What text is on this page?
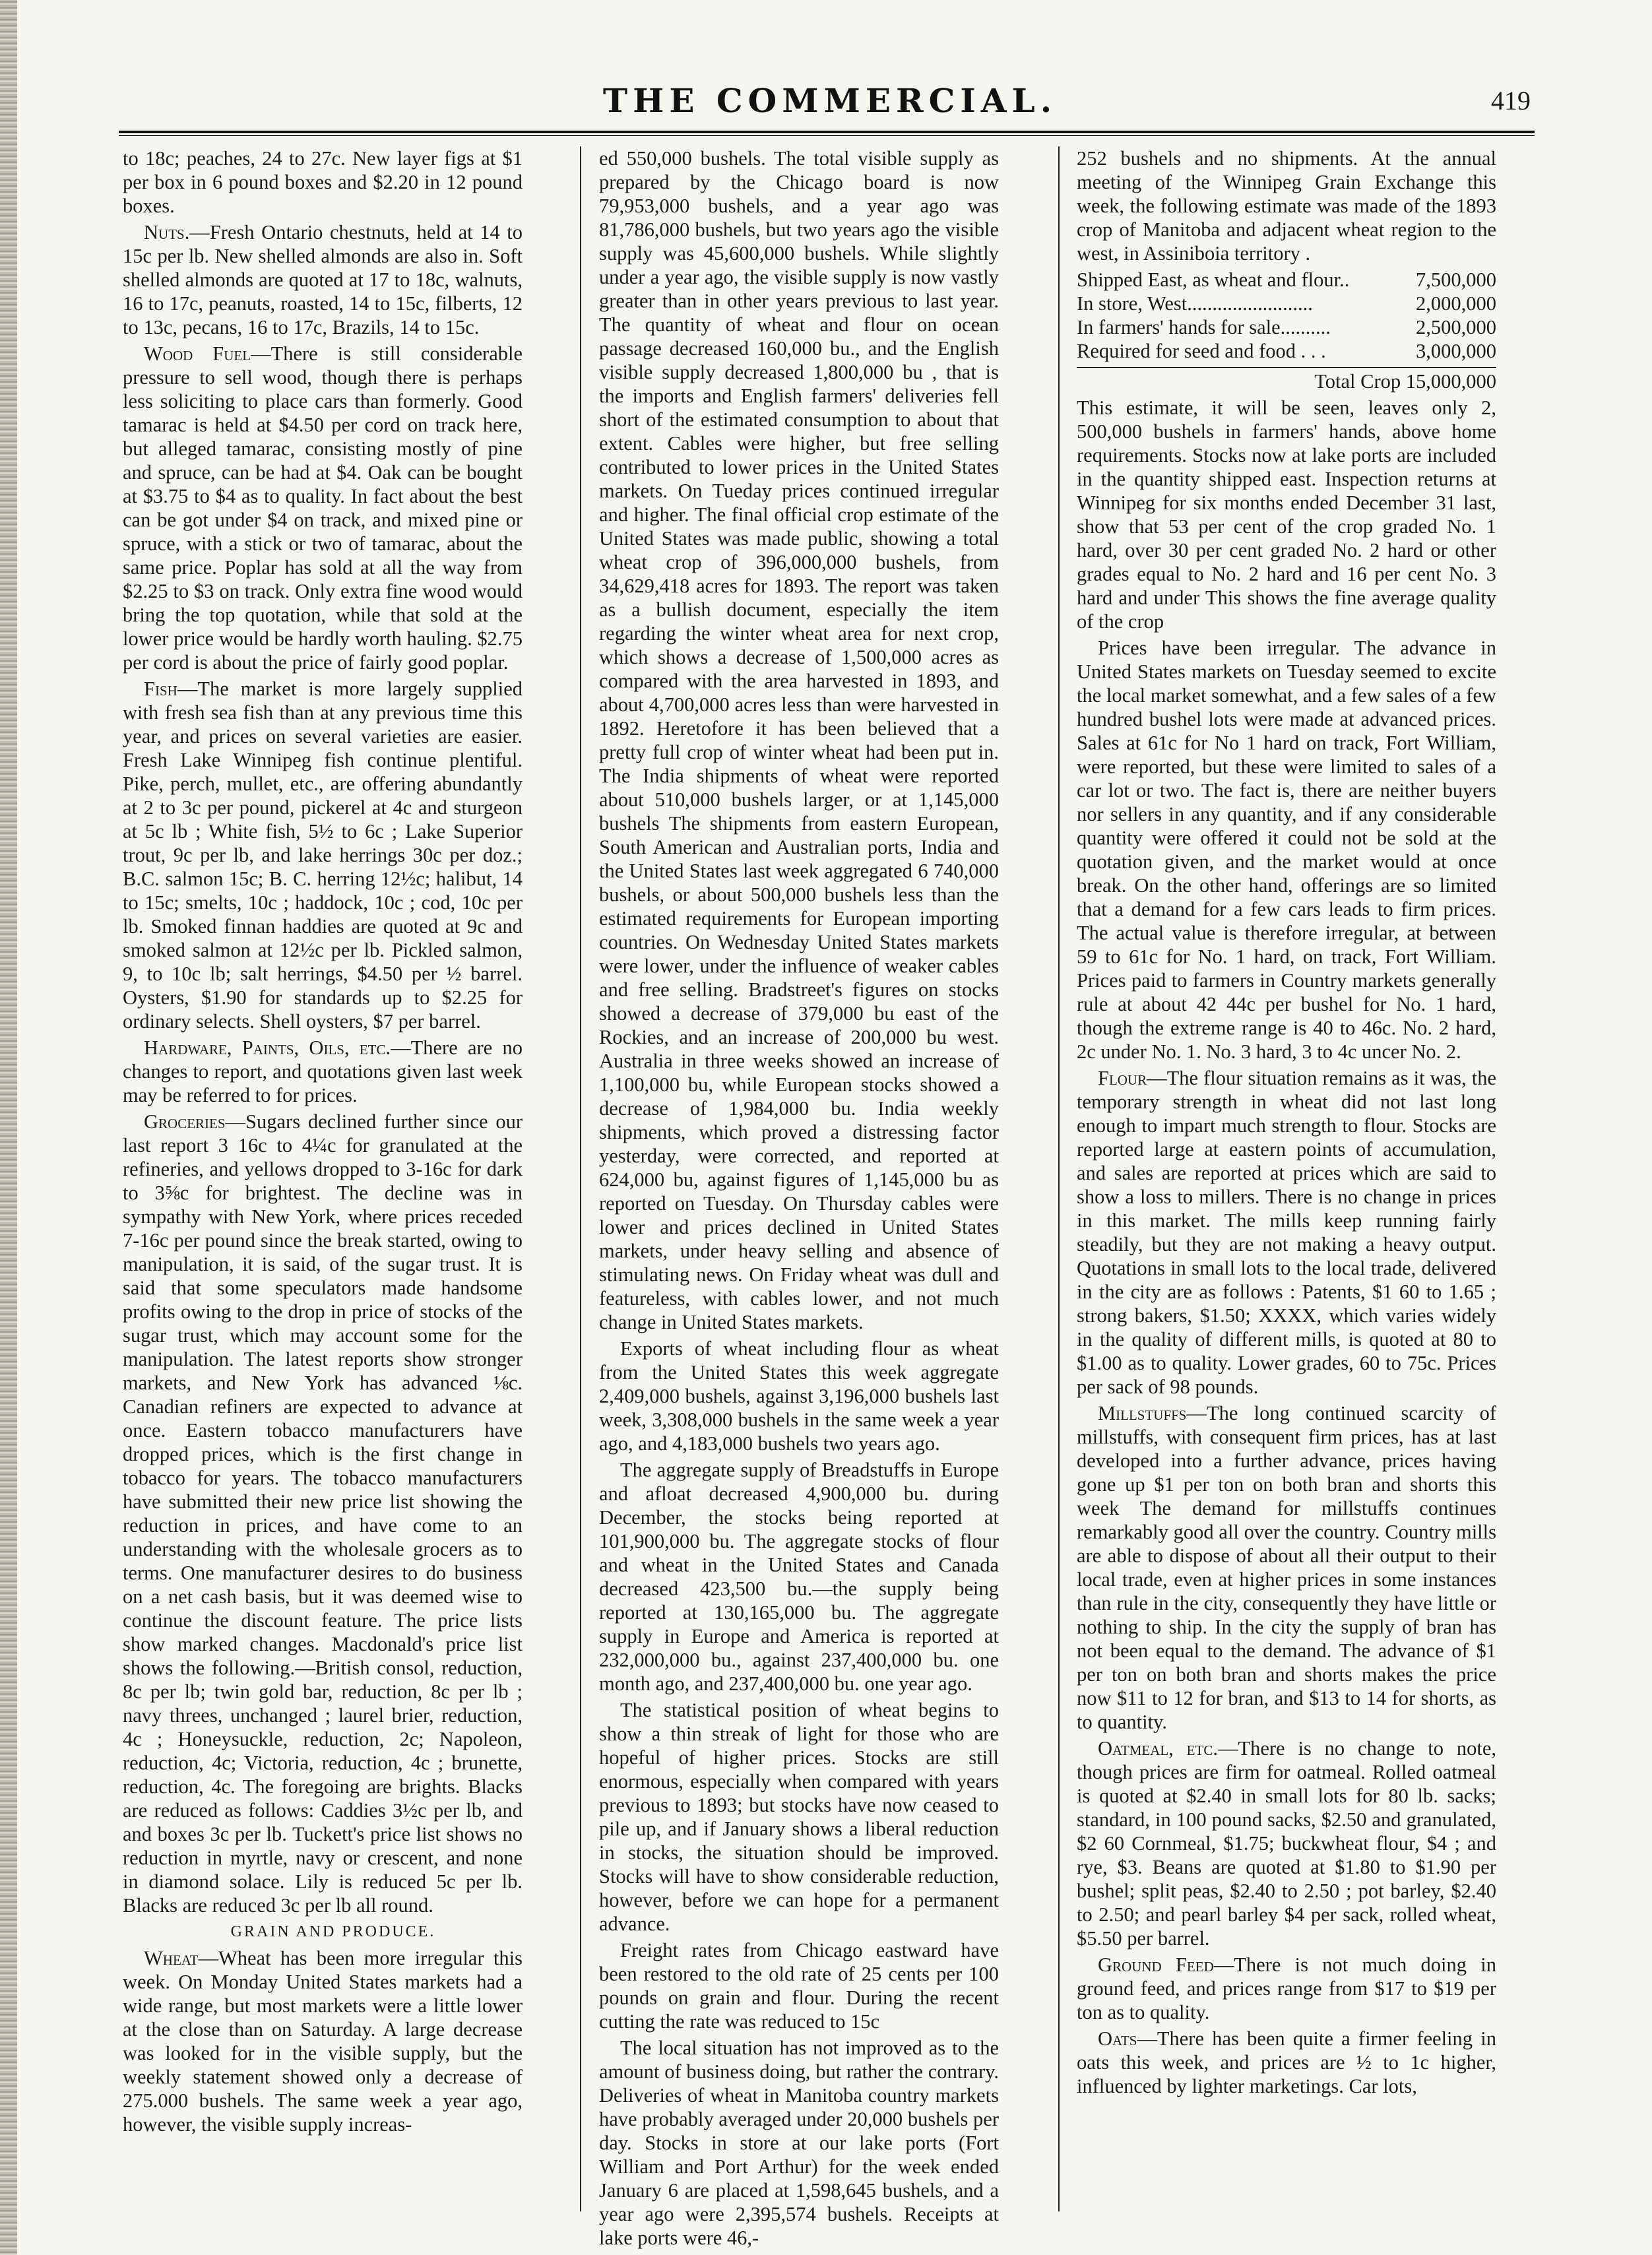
THE COMMERCIAL.	419

to 18c; peaches, 24 to 27c. New layer figs at $1 per box in 6 pound boxes and $2.20 in 12 pound boxes.

Nuts.—Fresh Ontario chestnuts, held at 14 to 15c per lb. New shelled almonds are also in. Soft shelled almonds are quoted at 17 to 18c, walnuts, 16 to 17c, peanuts, roasted, 14 to 15c, filberts, 12 to 13c, pecans, 16 to 17c, Brazils, 14 to 15c.

Wood Fuel—There is still considerable pressure to sell wood, though there is perhaps less soliciting to place cars than formerly. Good tamarac is held at $4.50 per cord on track here, but alleged tamarac, consisting mostly of pine and spruce, can be had at $4. Oak can be bought at $3.75 to $4 as to quality. In fact about the best can be got under $4 on track, and mixed pine or spruce, with a stick or two of tamarac, about the same price. Poplar has sold at all the way from $2.25 to $3 on track. Only extra fine wood would bring the top quotation, while that sold at the lower price would be hardly worth hauling. $2.75 per cord is about the price of fairly good poplar.

Fish—The market is more largely supplied with fresh sea fish than at any previous time this year, and prices on several varieties are easier. Fresh Lake Winnipeg fish continue plentiful. Pike, perch, mullet, etc., are offering abundantly at 2 to 3c per pound, pickerel at 4c and sturgeon at 5c lb ; White fish, 5½ to 6c ; Lake Superior trout, 9c per lb, and lake herrings 30c per doz.; B.C. salmon 15c; B. C. herring 12½c; halibut, 14 to 15c; smelts, 10c ; haddock, 10c ; cod, 10c per lb. Smoked finnan haddies are quoted at 9c and smoked salmon at 12½c per lb. Pickled salmon, 9, to 10c lb; salt herrings, $4.50 per ½ barrel. Oysters, $1.90 for standards up to $2.25 for ordinary selects. Shell oysters, $7 per barrel.

Hardware, Paints, Oils, etc.—There are no changes to report, and quotations given last week may be referred to for prices.

Groceries—Sugars declined further since our last report 3 16c to 4¼c for granulated at the refineries, and yellows dropped to 3-16c for dark to 3⅝c for brightest. The decline was in sympathy with New York, where prices receded 7-16c per pound since the break started, owing to manipulation, it is said, of the sugar trust. It is said that some speculators made handsome profits owing to the drop in price of stocks of the sugar trust, which may account some for the manipulation. The latest reports show stronger markets, and New York has advanced ⅛c. Canadian refiners are expected to advance at once. Eastern tobacco manufacturers have dropped prices, which is the first change in tobacco for years. The tobacco manufacturers have submitted their new price list showing the reduction in prices, and have come to an understanding with the wholesale grocers as to terms. One manufacturer desires to do business on a net cash basis, but it was deemed wise to continue the discount feature. The price lists show marked changes. Macdonald's price list shows the following.—British consol, reduction, 8c per lb; twin gold bar, reduction, 8c per lb ; navy threes, unchanged ; laurel brier, reduction, 4c ; Honeysuckle, reduction, 2c; Napoleon, reduction, 4c; Victoria, reduction, 4c ; brunette, reduction, 4c. The foregoing are brights. Blacks are reduced as follows: Caddies 3½c per lb, and and boxes 3c per lb. Tuckett's price list shows no reduction in myrtle, navy or crescent, and none in diamond solace. Lily is reduced 5c per lb. Blacks are reduced 3c per lb all round.

GRAIN AND PRODUCE.

Wheat—Wheat has been more irregular this week. On Monday United States markets had a wide range, but most markets were a little lower at the close than on Saturday. A large decrease was looked for in the visible supply, but the weekly statement showed only a decrease of 275.000 bushels. The same week a year ago, however, the visible supply increas-

ed 550,000 bushels. The total visible supply as prepared by the Chicago board is now 79,953,000 bushels, and a year ago was 81,786,000 bushels, but two years ago the visible supply was 45,600,000 bushels. While slightly under a year ago, the visible supply is now vastly greater than in other years previous to last year. The quantity of wheat and flour on ocean passage decreased 160,000 bu., and the English visible supply decreased 1,800,000 bu , that is the imports and English farmers' deliveries fell short of the estimated consumption to about that extent. Cables were higher, but free selling contributed to lower prices in the United States markets. On Tueday prices continued irregular and higher. The final official crop estimate of the United States was made public, showing a total wheat crop of 396,000,000 bushels, from 34,629,418 acres for 1893. The report was taken as a bullish document, especially the item regarding the winter wheat area for next crop, which shows a decrease of 1,500,000 acres as compared with the area harvested in 1893, and about 4,700,000 acres less than were harvested in 1892. Heretofore it has been believed that a pretty full crop of winter wheat had been put in. The India shipments of wheat were reported about 510,000 bushels larger, or at 1,145,000 bushels The shipments from eastern European, South American and Australian ports, India and the United States last week aggregated 6 740,000 bushels, or about 500,000 bushels less than the estimated requirements for European importing countries. On Wednesday United States markets were lower, under the influence of weaker cables and free selling. Bradstreet's figures on stocks showed a decrease of 379,000 bu east of the Rockies, and an increase of 200,000 bu west. Australia in three weeks showed an increase of 1,100,000 bu, while European stocks showed a decrease of 1,984,000 bu. India weekly shipments, which proved a distressing factor yesterday, were corrected, and reported at 624,000 bu, against figures of 1,145,000 bu as reported on Tuesday. On Thursday cables were lower and prices declined in United States markets, under heavy selling and absence of stimulating news. On Friday wheat was dull and featureless, with cables lower, and not much change in United States markets.

Exports of wheat including flour as wheat from the United States this week aggregate 2,409,000 bushels, against 3,196,000 bushels last week, 3,308,000 bushels in the same week a year ago, and 4,183,000 bushels two years ago.

The aggregate supply of Breadstuffs in Europe and afloat decreased 4,900,000 bu. during December, the stocks being reported at 101,900,000 bu. The aggregate stocks of flour and wheat in the United States and Canada decreased 423,500 bu.—the supply being reported at 130,165,000 bu. The aggregate supply in Europe and America is reported at 232,000,000 bu., against 237,400,000 bu. one month ago, and 237,400,000 bu. one year ago.

The statistical position of wheat begins to show a thin streak of light for those who are hopeful of higher prices. Stocks are still enormous, especially when compared with years previous to 1893; but stocks have now ceased to pile up, and if January shows a liberal reduction in stocks, the situation should be improved. Stocks will have to show considerable reduction, however, before we can hope for a permanent advance.

Freight rates from Chicago eastward have been restored to the old rate of 25 cents per 100 pounds on grain and flour. During the recent cutting the rate was reduced to 15c

The local situation has not improved as to the amount of business doing, but rather the contrary. Deliveries of wheat in Manitoba country markets have probably averaged under 20,000 bushels per day. Stocks in store at our lake ports (Fort William and Port Arthur) for the week ended January 6 are placed at 1,598,645 bushels, and a year ago were 2,395,574 bushels. Receipts at lake ports were 46,-

252 bushels and no shipments. At the annual meeting of the Winnipeg Grain Exchange this week, the following estimate was made of the 1893 crop of Manitoba and adjacent wheat region to the west, in Assiniboia territory .

Shipped East, as wheat and flour..	7,500,000
In store, West.........................	2,000,000
In farmers' hands for sale..........	2,500,000
Required for seed and food . . .	3,000,000
Total Crop 15,000,000

This estimate, it will be seen, leaves only 2, 500,000 bushels in farmers' hands, above home requirements. Stocks now at lake ports are included in the quantity shipped east. Inspection returns at Winnipeg for six months ended December 31 last, show that 53 per cent of the crop graded No. 1 hard, over 30 per cent graded No. 2 hard or other grades equal to No. 2 hard and 16 per cent No. 3 hard and under This shows the fine average quality of the crop

Prices have been irregular. The advance in United States markets on Tuesday seemed to excite the local market somewhat, and a few sales of a few hundred bushel lots were made at advanced prices. Sales at 61c for No 1 hard on track, Fort William, were reported, but these were limited to sales of a car lot or two. The fact is, there are neither buyers nor sellers in any quantity, and if any considerable quantity were offered it could not be sold at the quotation given, and the market would at once break. On the other hand, offerings are so limited that a demand for a few cars leads to firm prices. The actual value is therefore irregular, at between 59 to 61c for No. 1 hard, on track, Fort William. Prices paid to farmers in Country markets generally rule at about 42 44c per bushel for No. 1 hard, though the extreme range is 40 to 46c. No. 2 hard, 2c under No. 1. No. 3 hard, 3 to 4c uncer No. 2.

Flour—The flour situation remains as it was, the temporary strength in wheat did not last long enough to impart much strength to flour. Stocks are reported large at eastern points of accumulation, and sales are reported at prices which are said to show a loss to millers. There is no change in prices in this market. The mills keep running fairly steadily, but they are not making a heavy output. Quotations in small lots to the local trade, delivered in the city are as follows : Patents, $1 60 to 1.65 ; strong bakers, $1.50; XXXX, which varies widely in the quality of different mills, is quoted at 80 to $1.00 as to quality. Lower grades, 60 to 75c. Prices per sack of 98 pounds.

Millstuffs—The long continued scarcity of millstuffs, with consequent firm prices, has at last developed into a further advance, prices having gone up $1 per ton on both bran and shorts this week The demand for millstuffs continues remarkably good all over the country. Country mills are able to dispose of about all their output to their local trade, even at higher prices in some instances than rule in the city, consequently they have little or nothing to ship. In the city the supply of bran has not been equal to the demand. The advance of $1 per ton on both bran and shorts makes the price now $11 to 12 for bran, and $13 to 14 for shorts, as to quantity.

Oatmeal, etc.—There is no change to note, though prices are firm for oatmeal. Rolled oatmeal is quoted at $2.40 in small lots for 80 lb. sacks; standard, in 100 pound sacks, $2.50 and granulated, $2 60 Cornmeal, $1.75; buckwheat flour, $4 ; and rye, $3. Beans are quoted at $1.80 to $1.90 per bushel; split peas, $2.40 to 2.50 ; pot barley, $2.40 to 2.50; and pearl barley $4 per sack, rolled wheat, $5.50 per barrel.

Ground Feed—There is not much doing in ground feed, and prices range from $17 to $19 per ton as to quality.

Oats—There has been quite a firmer feeling in oats this week, and prices are ½ to 1c higher, influenced by lighter marketings. Car lots,
